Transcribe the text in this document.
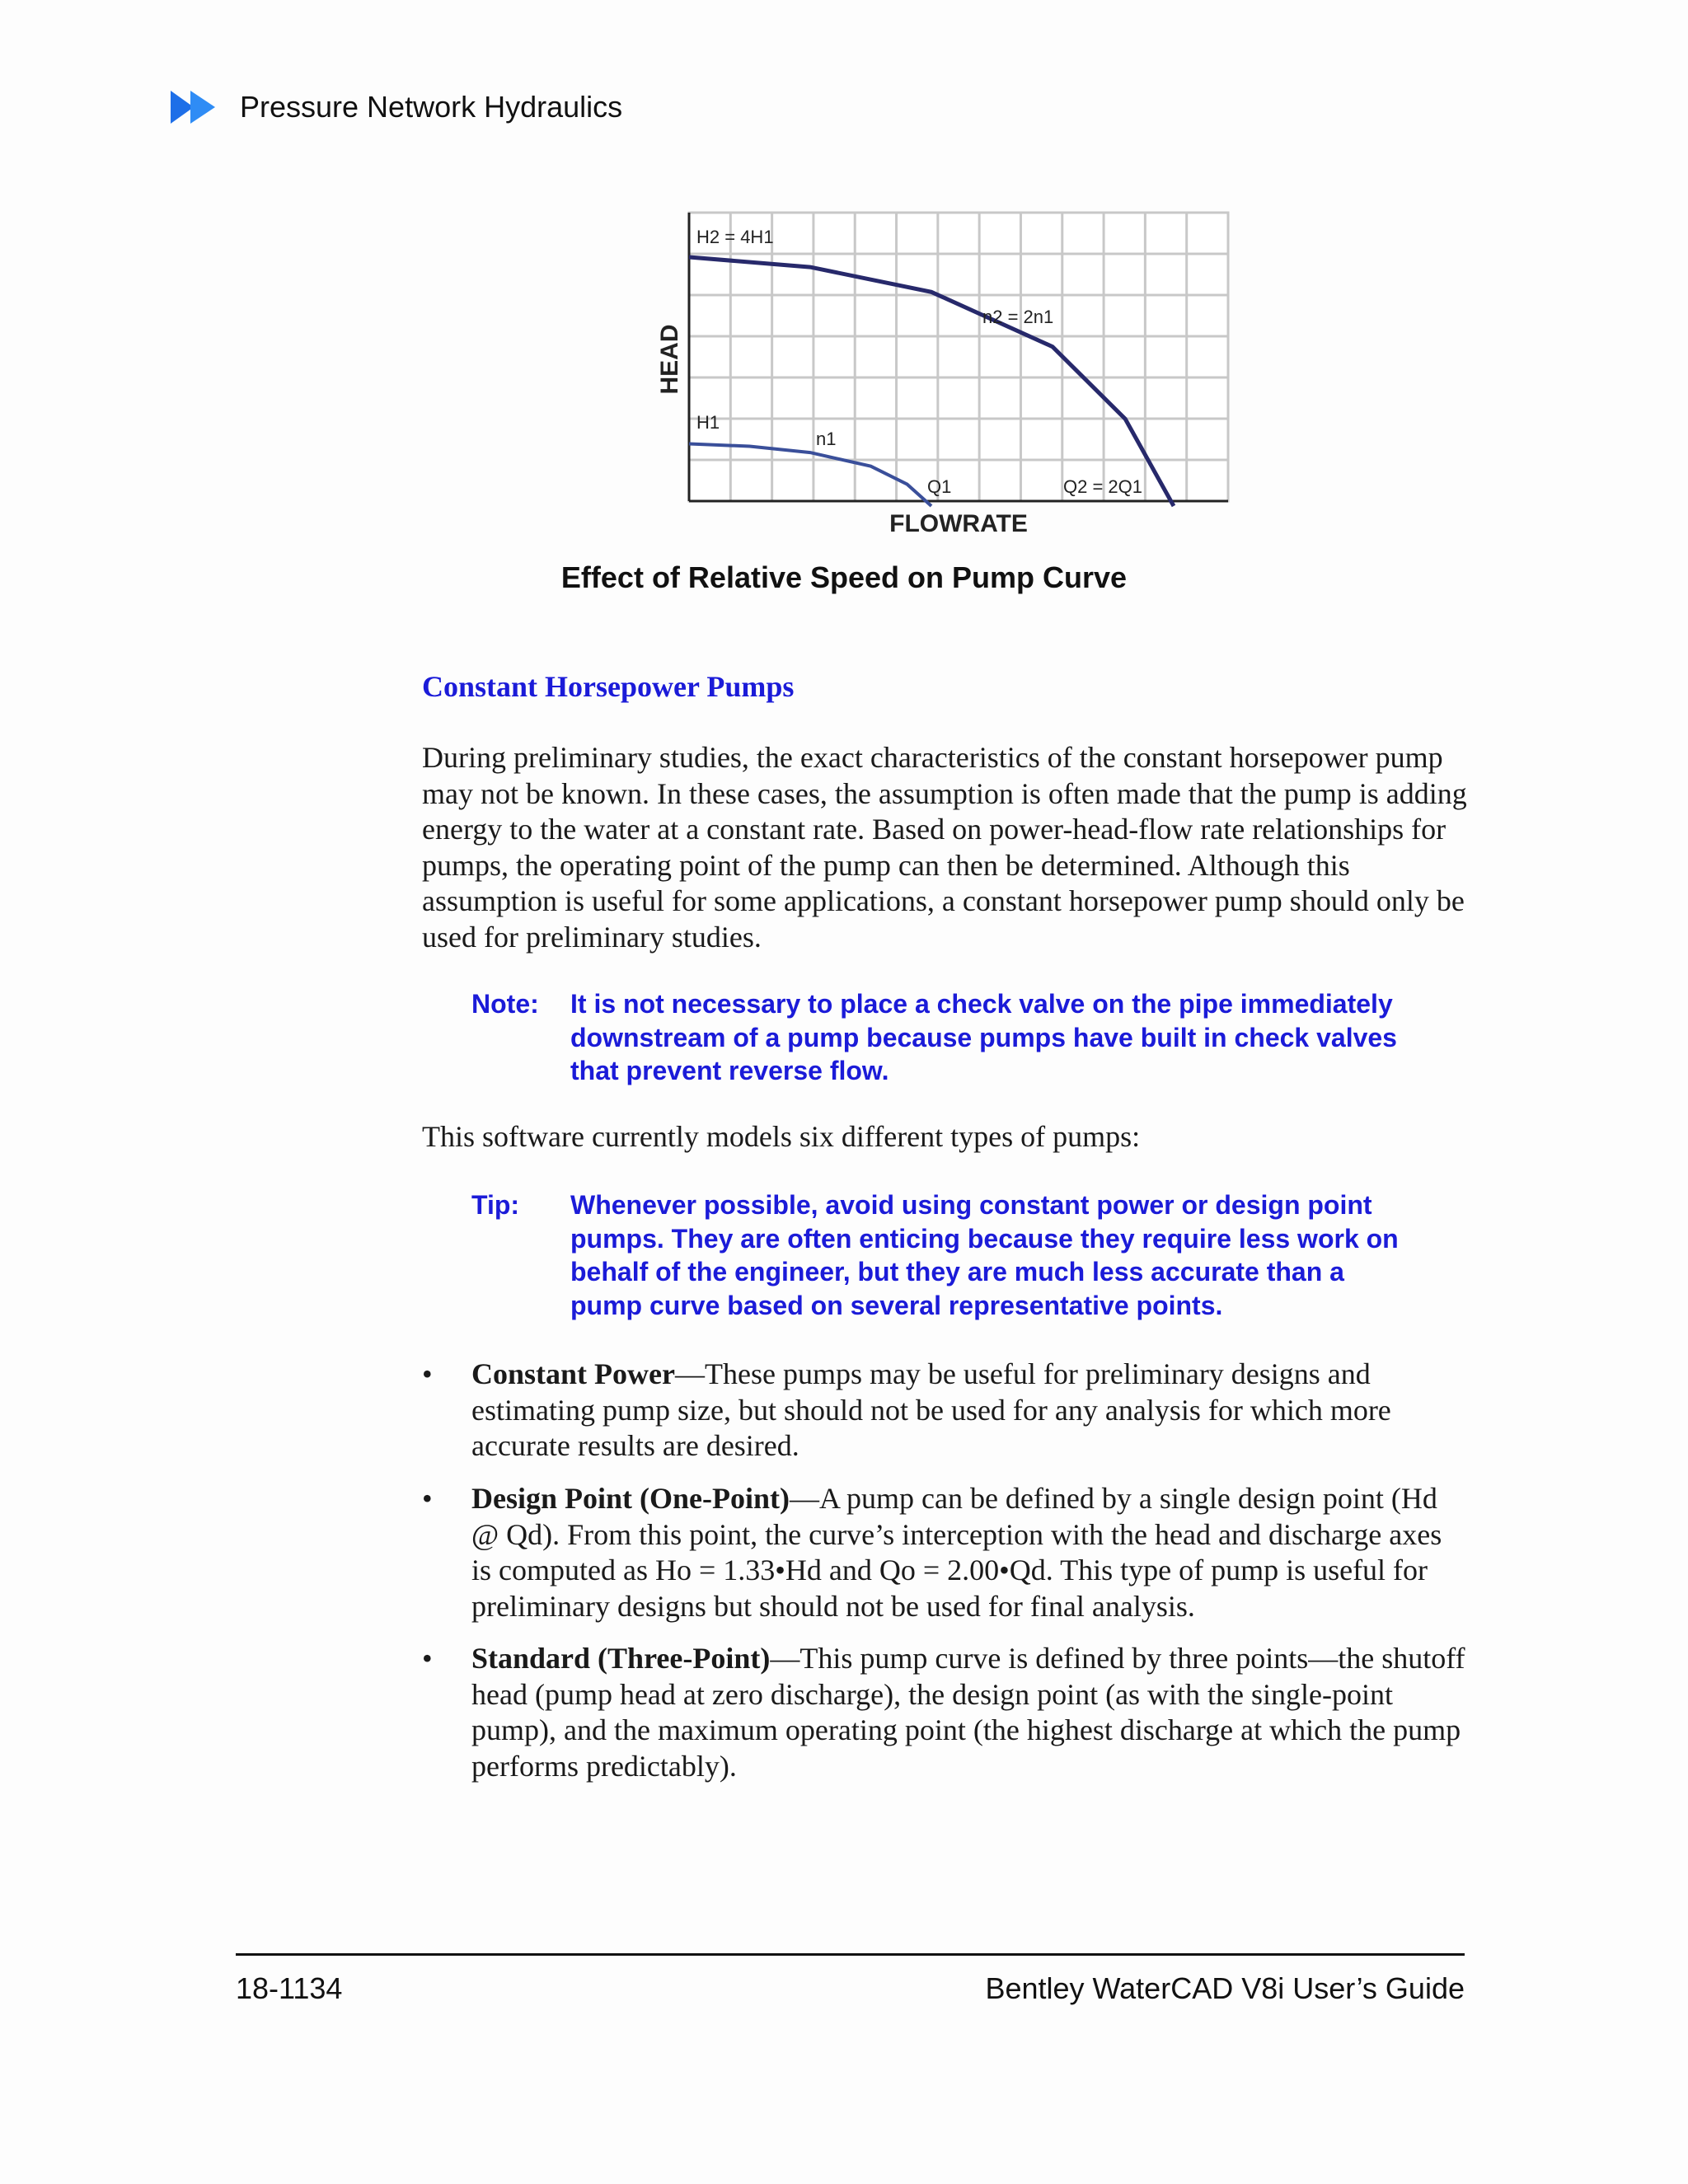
Pressure Network Hydraulics
H2 = 4H1
n2 = 2n1
H1
n1
Q1	Q2 = 2Q1
HEAD
FLOWRATE
Effect of Relative Speed on Pump Curve
Constant Horsepower Pumps
During preliminary studies, the exact characteristics of the constant horsepower pump may not be known. In these cases, the assumption is often made that the pump is adding energy to the water at a constant rate. Based on power-head-flow rate relationships for pumps, the operating point of the pump can then be determined. Although this assumption is useful for some applications, a constant horsepower pump should only be used for preliminary studies.
Note: It is not necessary to place a check valve on the pipe immediately downstream of a pump because pumps have built in check valves that prevent reverse flow.
This software currently models six different types of pumps:
Tip: Whenever possible, avoid using constant power or design point pumps. They are often enticing because they require less work on behalf of the engineer, but they are much less accurate than a pump curve based on several representative points.
• Constant Power—These pumps may be useful for preliminary designs and estimating pump size, but should not be used for any analysis for which more accurate results are desired.
• Design Point (One-Point)—A pump can be defined by a single design point (Hd @ Qd). From this point, the curve’s interception with the head and discharge axes is computed as Ho = 1.33•Hd and Qo = 2.00•Qd. This type of pump is useful for preliminary designs but should not be used for final analysis.
• Standard (Three-Point)—This pump curve is defined by three points—the shutoff head (pump head at zero discharge), the design point (as with the single-point pump), and the maximum operating point (the highest discharge at which the pump performs predictably).
18-1134	Bentley WaterCAD V8i User’s Guide
